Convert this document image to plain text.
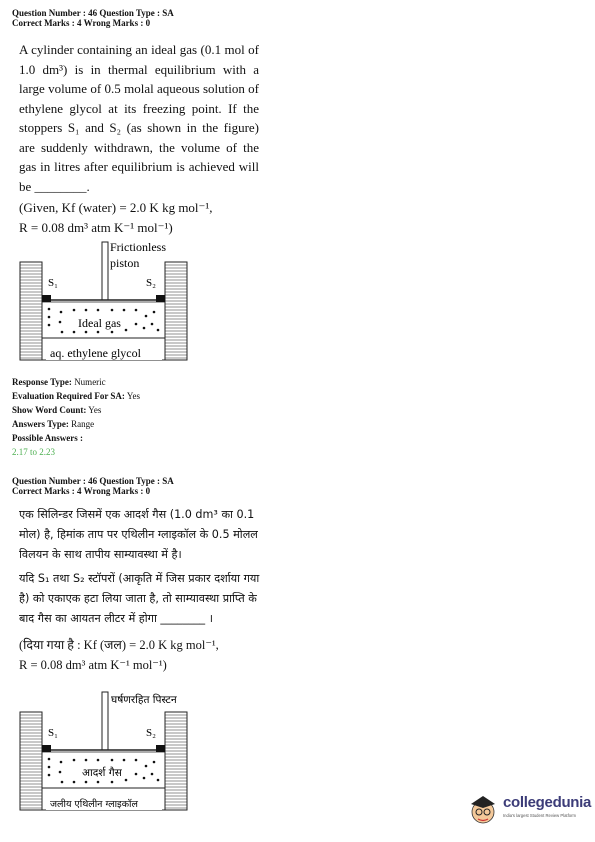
Question Number : 46 Question Type : SA
Correct Marks : 4 Wrong Marks : 0

A cylinder containing an ideal gas (0.1 mol of 1.0 dm³) is in thermal equilibrium with a large volume of 0.5 molal aqueous solution of ethylene glycol at its freezing point. If the stoppers S₁ and S₂ (as shown in the figure) are suddenly withdrawn, the volume of the gas in litres after equilibrium is achieved will be ________.

(Given, Kf (water) = 2.0 K kg mol⁻¹,

R = 0.08 dm³ atm K⁻¹ mol⁻¹)

Frictionless
piston
S₁	S₂
Ideal gas
aq. ethylene glycol
Response Type: Numeric
Evaluation Required For SA: Yes
Show Word Count: Yes
Answers Type: Range
Possible Answers :
2.17 to 2.23
Question Number : 46 Question Type : SA
Correct Marks : 4 Wrong Marks : 0

एक सिलिन्डर जिसमें एक आदर्श गैस (1.0 dm³ का 0.1 मोल) है, हिमांक ताप पर एथिलीन ग्लाइकॉल के 0.5 मोलल विलयन के साथ तापीय साम्यावस्था में है।

यदि S₁ तथा S₂ स्टॉपरों (आकृति में जिस प्रकार दर्शाया गया है) को एकाएक हटा लिया जाता है, तो साम्यावस्था प्राप्ति के बाद गैस का आयतन लीटर में होगा ________ ।

(दिया गया है : Kf (जल) = 2.0 K kg mol⁻¹,

R = 0.08 dm³ atm K⁻¹ mol⁻¹)

घर्षणरहित पिस्टन
S₁	S₂
आदर्श गैस
जलीय एथिलीन ग्लाइकॉल	collegedunia
India's largest Student Review Platform
